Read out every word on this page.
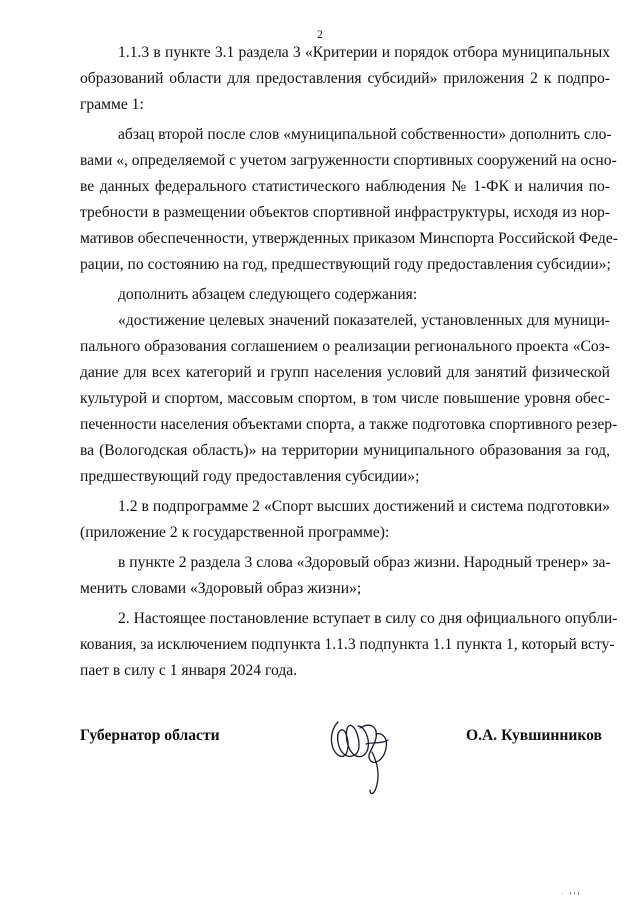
2
1.1.3 в пункте 3.1 раздела 3 «Критерии и порядок отбора муниципальных
образований области для предоставления субсидий» приложения 2 к подпро-
грамме 1:
абзац второй после слов «муниципальной собственности» дополнить сло-
вами «, определяемой с учетом загруженности спортивных сооружений на осно-
ве данных федерального статистического наблюдения № 1-ФК и наличия по-
требности в размещении объектов спортивной инфраструктуры, исходя из нор-
мативов обеспеченности, утвержденных приказом Минспорта Российской Феде-
рации, по состоянию на год, предшествующий году предоставления субсидии»;
дополнить абзацем следующего содержания:
«достижение целевых значений показателей, установленных для муници-
пального образования соглашением о реализации регионального проекта «Соз-
дание для всех категорий и групп населения условий для занятий физической
культурой и спортом, массовым спортом, в том числе повышение уровня обес-
печенности населения объектами спорта, а также подготовка спортивного резер-
ва (Вологодская область)» на территории муниципального образования за год,
предшествующий году предоставления субсидии»;
1.2 в подпрограмме 2 «Спорт высших достижений и система подготовки»
(приложение 2 к государственной программе):
в пункте 2 раздела 3 слова «Здоровый образ жизни. Народный тренер» за-
менить словами «Здоровый образ жизни»;
2. Настоящее постановление вступает в силу со дня официального опубли-
кования, за исключением подпункта 1.1.3 подпункта 1.1 пункта 1, который всту-
пает в силу с 1 января 2024 года.
Губернатор области	О.А. Кувшинников
